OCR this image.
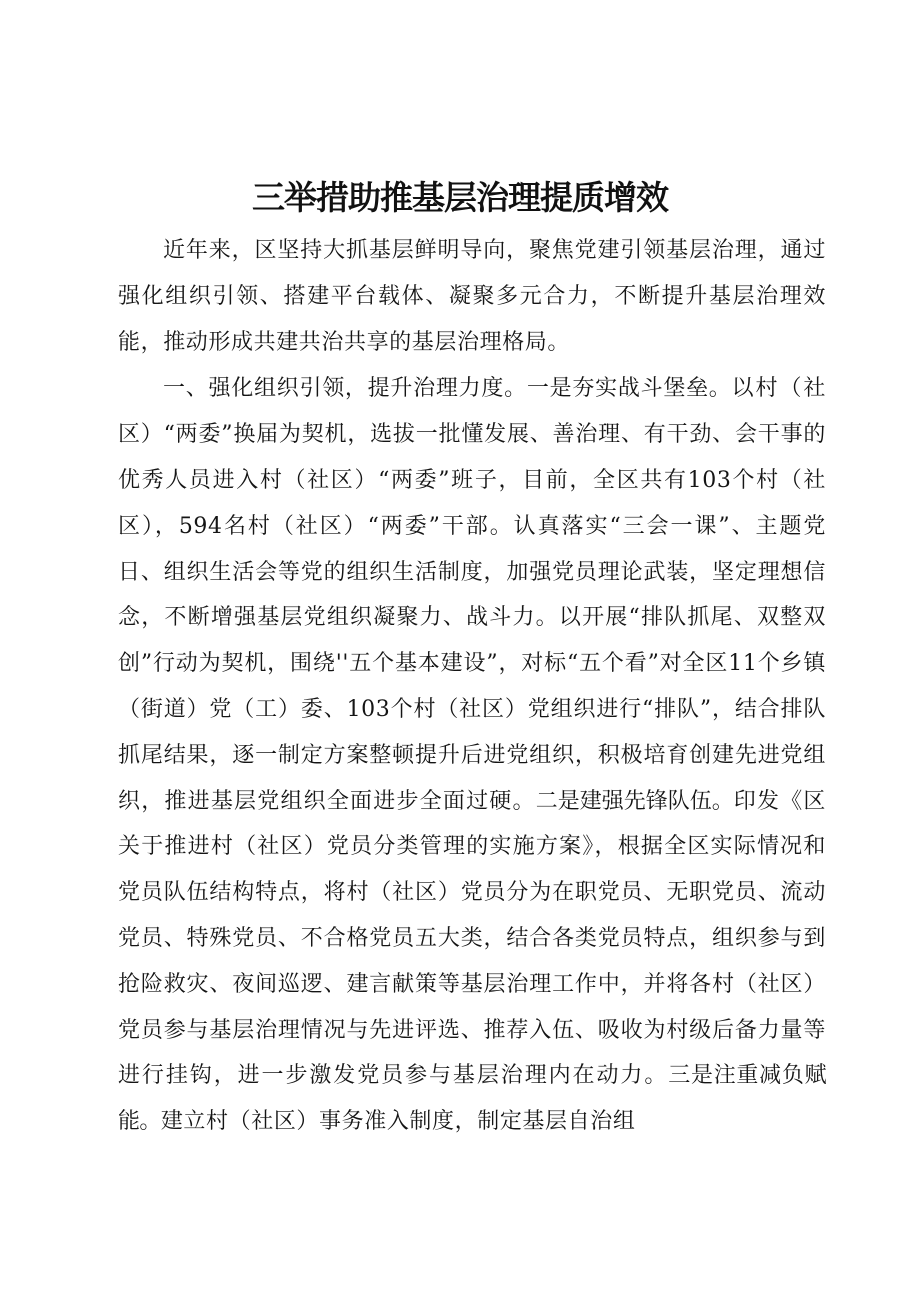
三举措助推基层治理提质增效

近年来，区坚持大抓基层鲜明导向，聚焦党建引领基层治理，通过强化组织引领、搭建平台载体、凝聚多元合力，不断提升基层治理效能，推动形成共建共治共享的基层治理格局。

一、强化组织引领，提升治理力度。一是夯实战斗堡垒。以村（社区）“两委”换届为契机，选拔一批懂发展、善治理、有干劲、会干事的优秀人员进入村（社区）“两委”班子，目前，全区共有103个村（社区），594名村（社区）“两委”干部。认真落实“三会一课”、主题党日、组织生活会等党的组织生活制度，加强党员理论武装，坚定理想信念，不断增强基层党组织凝聚力、战斗力。以开展“排队抓尾、双整双创”行动为契机，围绕''五个基本建设”，对标“五个看”对全区11个乡镇（街道）党（工）委、103个村（社区）党组织进行“排队”，结合排队抓尾结果，逐一制定方案整顿提升后进党组织，积极培育创建先进党组织，推进基层党组织全面进步全面过硬。二是建强先锋队伍。印发《区关于推进村（社区）党员分类管理的实施方案》，根据全区实际情况和党员队伍结构特点，将村（社区）党员分为在职党员、无职党员、流动党员、特殊党员、不合格党员五大类，结合各类党员特点，组织参与到抢险救灾、夜间巡逻、建言献策等基层治理工作中，并将各村（社区）党员参与基层治理情况与先进评选、推荐入伍、吸收为村级后备力量等进行挂钩，进一步激发党员参与基层治理内在动力。三是注重减负赋能。建立村（社区）事务准入制度，制定基层自治组
